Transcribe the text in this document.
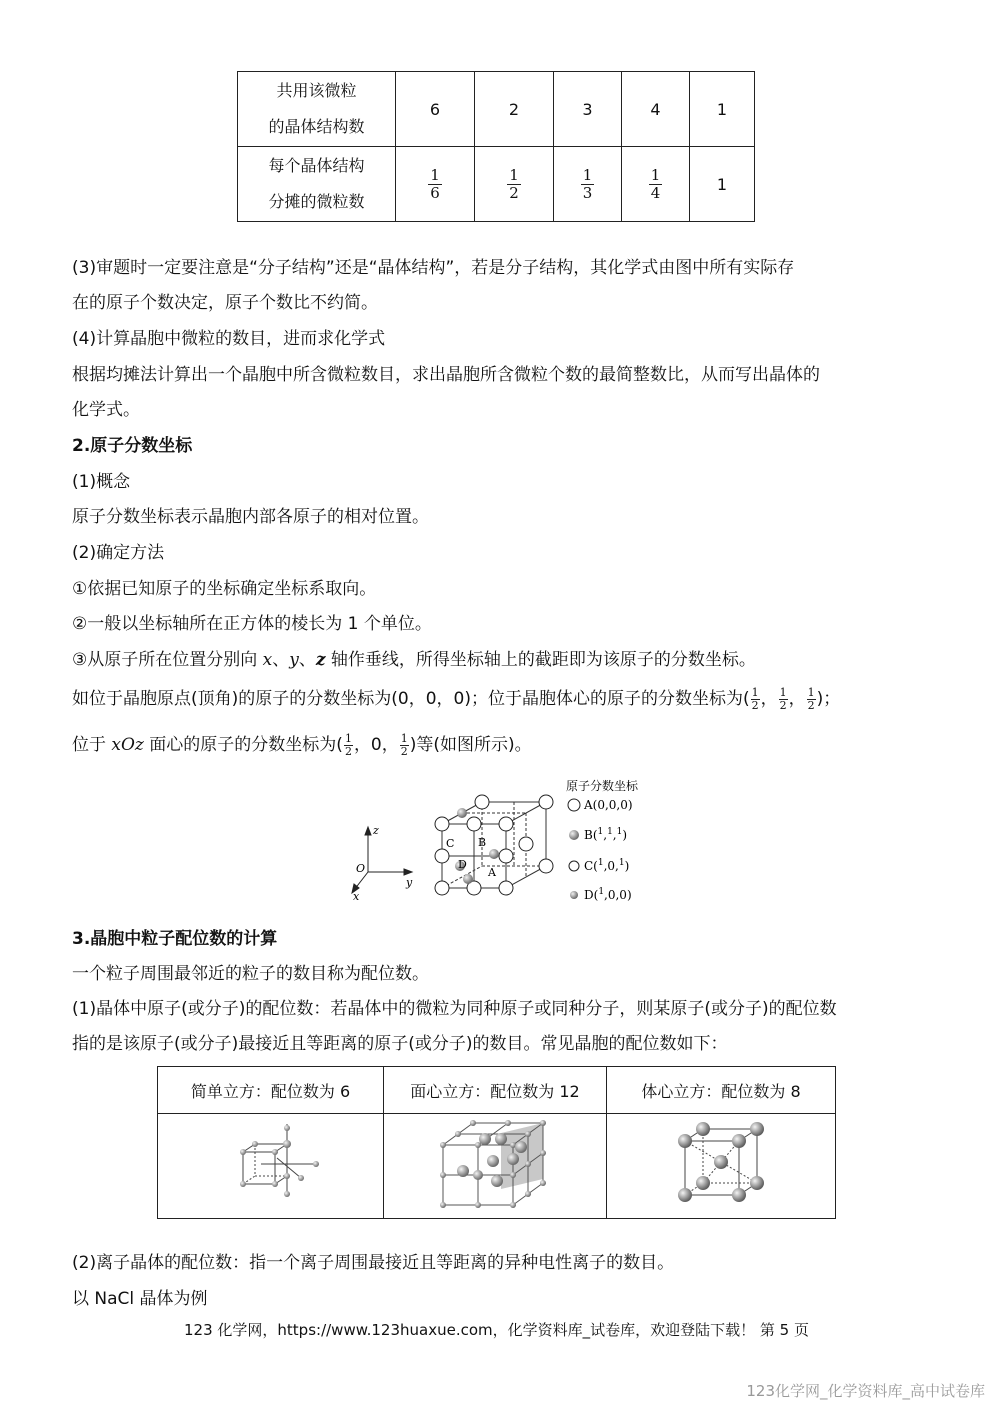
共用该微粒
的晶体结构数	6	2	3	4	1
每个晶体结构
分摊的微粒数	$\frac{1}{6}$	$\frac{1}{2}$	$\frac{1}{3}$	$\frac{1}{4}$	1
(3)审题时一定要注意是“分子结构”还是“晶体结构”，若是分子结构，其化学式由图中所有实际存
在的原子个数决定，原子个数比不约简。
(4)计算晶胞中微粒的数目，进而求化学式
根据均摊法计算出一个晶胞中所含微粒数目，求出晶胞所含微粒个数的最简整数比，从而写出晶体的
化学式。
2.原子分数坐标
(1)概念
原子分数坐标表示晶胞内部各原子的相对位置。
(2)确定方法
①依据已知原子的坐标确定坐标系取向。
②一般以坐标轴所在正方体的棱长为 1 个单位。
③从原子所在位置分别向 x、y、z 轴作垂线，所得坐标轴上的截距即为该原子的分数坐标。
如位于晶胞原点(顶角)的原子的分数坐标为(0，0，0)；位于晶胞体心的原子的分数坐标为( $\frac{1}{2}$ ， $\frac{1}{2}$ ， $\frac{1}{2}$ )；
位于 xOz 面心的原子的分数坐标为( $\frac{1}{2}$ ，0， $\frac{1}{2}$ )等(如图所示)。
z
y
x
O
C B
D
A
原子分数坐标
A(0,0,0)
B($^1$,$^1$,$^1$)
C($^1$,0,$^1$)
D($^1$,0,0)
3.晶胞中粒子配位数的计算
一个粒子周围最邻近的粒子的数目称为配位数。
(1)晶体中原子(或分子)的配位数：若晶体中的微粒为同种原子或同种分子，则某原子(或分子)的配位数
指的是该原子(或分子)最接近且等距离的原子(或分子)的数目。常见晶胞的配位数如下：
简单立方：配位数为 6	面心立方：配位数为 12	体心立方：配位数为 8

(2)离子晶体的配位数：指一个离子周围最接近且等距离的异种电性离子的数目。
以 NaCl 晶体为例
123 化学网，https://www.123huaxue.com，化学资料库_试卷库，欢迎登陆下载！ 第 5 页
123化学网_化学资料库_高中试卷库
